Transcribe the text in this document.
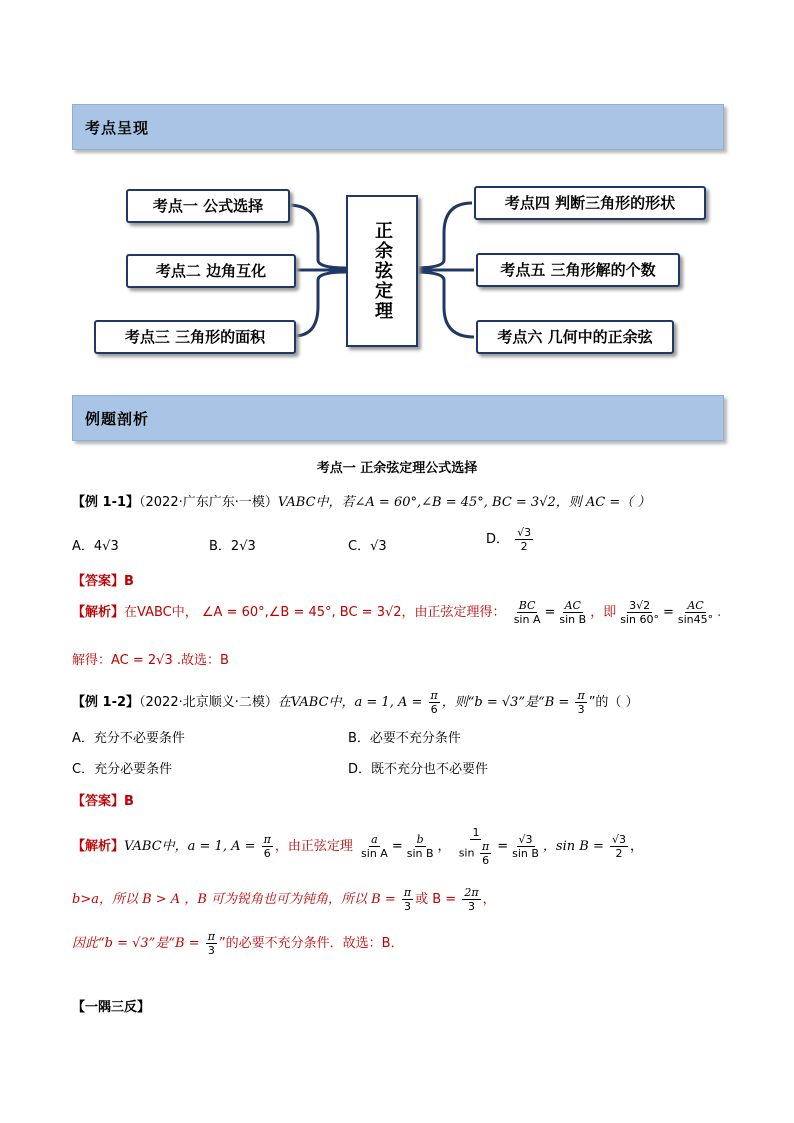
考点呈现
考点一 公式选择
考点二 边角互化
考点三 三角形的面积
正余弦定理
考点四 判断三角形的形状
考点五 三角形解的个数
考点六 几何中的正余弦
例题剖析
考点一 正余弦定理公式选择
【例 1-1】（2022·广东广东·一模）VABC中，若∠A = 60°,∠B = 45°, BC = 3√2，则 AC =（ ）
A．4√3	B．2√3	C．√3	D． $\frac{√3}{2}$
【答案】B
【解析】在VABC中， ∠A = 60°,∠B = 45°, BC = 3√2，由正弦定理得： $\frac{BC}{\text{sin A}} = \frac{AC}{\text{sin B}}$ ，即 $\frac{3√2}{\sin 60^\circ} = \frac{AC}{\sin 45^\circ}$ .
解得：AC = 2√3 .故选：B
【例 1-2】（2022·北京顺义·二模）在VABC中，a = 1, $A = \frac{\pi}{6}$ ，则“b = √3”是“$B = \frac{\pi}{3}$ ”的（ ）
A．充分不必要条件	B．必要不充分条件
C．充分必要条件	D．既不充分也不必要件
【答案】B
【解析】VABC中，a = 1, $A = \frac{\pi}{6}$ ，由正弦定理 $\frac{a}{\text{sin A}} = \frac{b}{\text{sin B}}$ ， $\frac{1}{\sin \frac{\pi}{6}} = \frac{√3}{\text{sin B}}$ ，$\sin B = \frac{√3}{2}$ ，
b>a，所以 B > A ，B 可为锐角也可为钝角，所以 $B = \frac{\pi}{3}$ 或 $B = \frac{2\pi}{3}$ ，
因此“b = √3”是“$B = \frac{\pi}{3}$ ”的必要不充分条件．故选：B．
【一隅三反】
